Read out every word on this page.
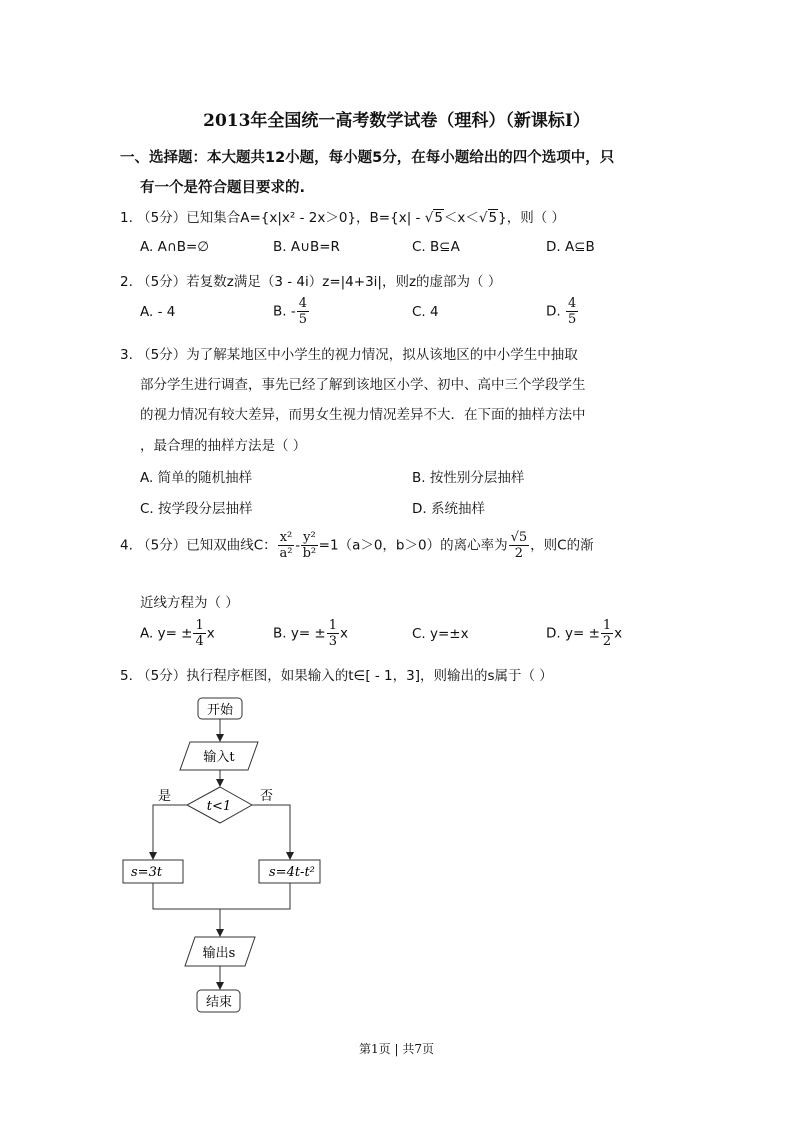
2013年全国统一高考数学试卷（理科）（新课标Ⅰ）
一、选择题：本大题共12小题，每小题5分，在每小题给出的四个选项中，只
有一个是符合题目要求的.
1. （5分）已知集合A={x|x² - 2x＞0}，B={x| - √5＜x＜√5}，则（ ）
A. A∩B=∅	B. A∪B=R	C. B⊆A	D. A⊆B
2. （5分）若复数z满足（3 - 4i）z=|4+3i|，则z的虚部为（ ）
A. - 4	B. - $\frac{4}{5}$	C. 4	D. $\frac{4}{5}$
3. （5分）为了解某地区中小学生的视力情况，拟从该地区的中小学生中抽取
部分学生进行调查，事先已经了解到该地区小学、初中、高中三个学段学生
的视力情况有较大差异，而男女生视力情况差异不大．在下面的抽样方法中
，最合理的抽样方法是（ ）
A. 简单的随机抽样	B. 按性别分层抽样
C. 按学段分层抽样	D. 系统抽样
4. （5分）已知双曲线C： $\frac{\text{x²}}{\text{a²}} - \frac{\text{y²}}{\text{b²}} =1(a>0$，b＞0）的离心率为 $\frac{√5}{2}$ ，则C的渐
近线方程为（ ）
A. $y= \pm \frac{1}{4}$ x	B. $y= \pm \frac{1}{3}$ x	C. y=±x	D. $y= \pm \frac{1}{2}$ x
5. （5分）执行程序框图，如果输入的t∈[ - 1，3]，则输出的s属于（ ）
开始
输入t
t<1
是	否
s=3t	s=4t-t²
输出s
结束
第1页 | 共7页
